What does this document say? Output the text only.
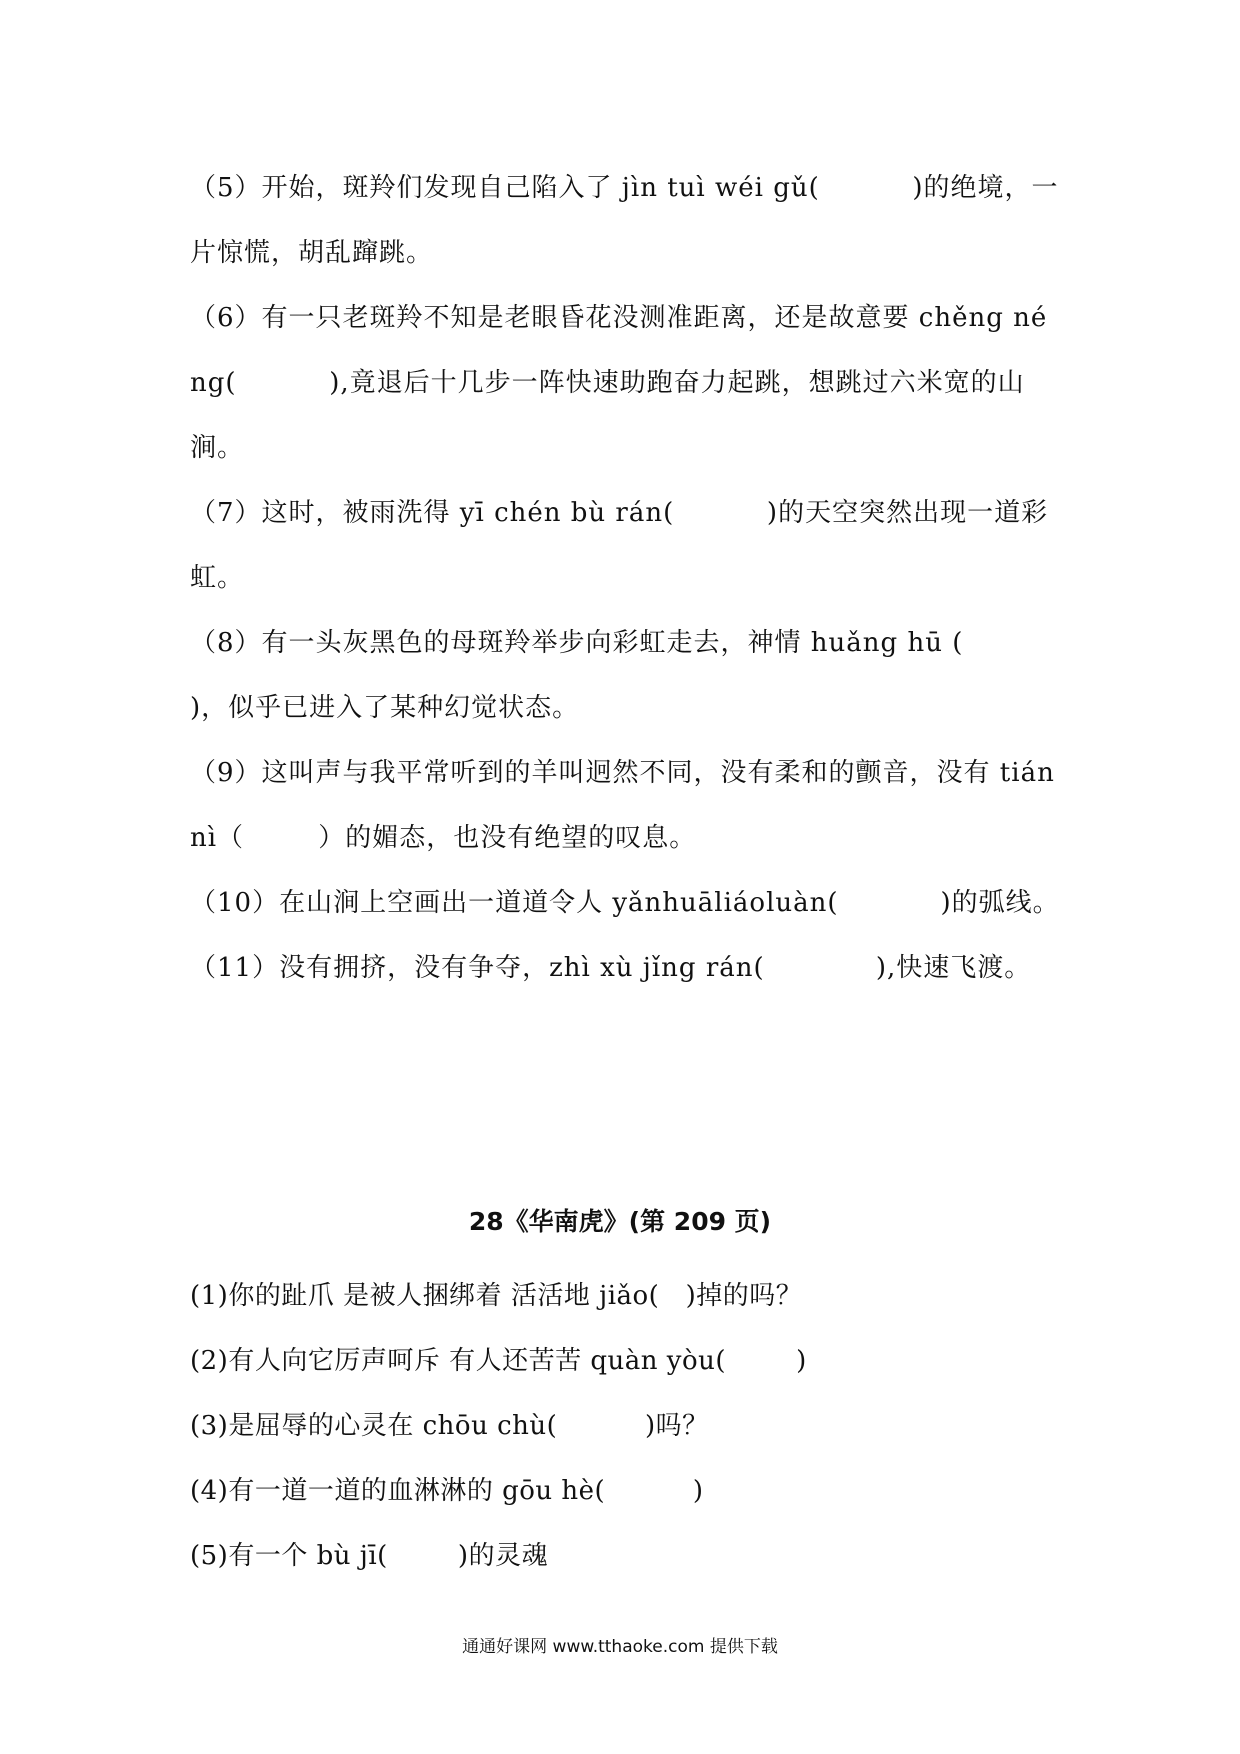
（5）开始，斑羚们发现自己陷入了 jìn tuì wéi gǔ(	)的绝境，一片惊慌，胡乱蹿跳。

（6）有一只老斑羚不知是老眼昏花没测准距离，还是故意要 chěng néng(	),竟退后十几步一阵快速助跑奋力起跳，想跳过六米宽的山涧。

（7）这时，被雨洗得 yī chén bù rán(	)的天空突然出现一道彩虹。

（8）有一头灰黑色的母斑羚举步向彩虹走去，神情 huǎng hū (        )，似乎已进入了某种幻觉状态。

（9）这叫声与我平常听到的羊叫迥然不同，没有柔和的颤音，没有 tiánnì（	）的媚态，也没有绝望的叹息。

（10）在山涧上空画出一道道令人 yǎnhuāliáoluàn(	)的弧线。

（11）没有拥挤，没有争夺，zhì xù jǐng rán(	),快速飞渡。

28《华南虎》(第 209 页)

(1)你的趾爪 是被人捆绑着 活活地 jiǎo( )掉的吗？

(2)有人向它厉声呵斥 有人还苦苦 quàn yòu(	)

(3)是屈辱的心灵在 chōu chù(	)吗？

(4)有一道一道的血淋淋的 gōu hè(	)

(5)有一个 bù jī(	)的灵魂

通通好课网 www.tthaoke.com 提供下载
